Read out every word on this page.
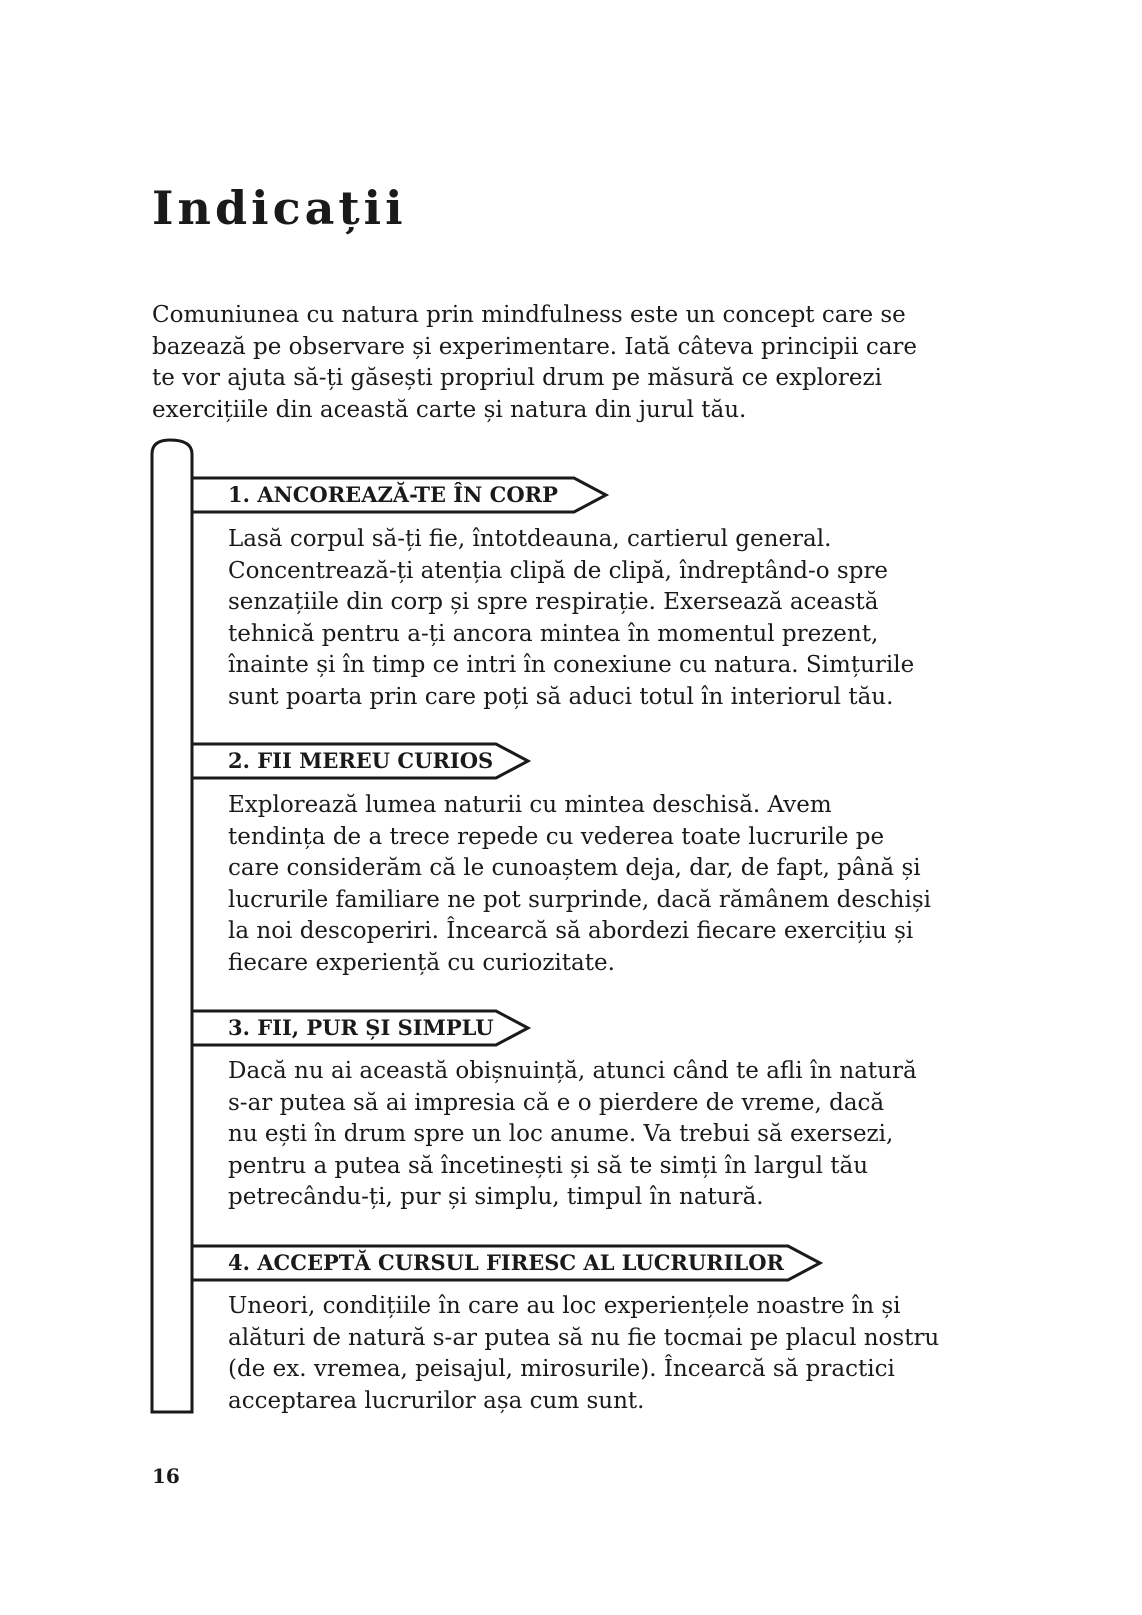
Indicații

Comuniunea cu natura prin mindfulness este un concept care se
bazează pe observare și experimentare. Iată câteva principii care
te vor ajuta să-ți găsești propriul drum pe măsură ce explorezi
exercițiile din această carte și natura din jurul tău.

1. ANCOREAZĂ-TE ÎN CORP

Lasă corpul să-ți fie, întotdeauna, cartierul general.
Concentrează-ți atenția clipă de clipă, îndreptând-o spre
senzațiile din corp și spre respirație. Exersează această
tehnică pentru a-ți ancora mintea în momentul prezent,
înainte și în timp ce intri în conexiune cu natura. Simțurile
sunt poarta prin care poți să aduci totul în interiorul tău.

2. FII MEREU CURIOS

Explorează lumea naturii cu mintea deschisă. Avem
tendința de a trece repede cu vederea toate lucrurile pe
care considerăm că le cunoaștem deja, dar, de fapt, până și
lucrurile familiare ne pot surprinde, dacă rămânem deschiși
la noi descoperiri. Încearcă să abordezi fiecare exercițiu și
fiecare experiență cu curiozitate.

3. FII, PUR ȘI SIMPLU

Dacă nu ai această obișnuință, atunci când te afli în natură
s-ar putea să ai impresia că e o pierdere de vreme, dacă
nu ești în drum spre un loc anume. Va trebui să exersezi,
pentru a putea să încetinești și să te simți în largul tău
petrecându-ți, pur și simplu, timpul în natură.

4. ACCEPTĂ CURSUL FIRESC AL LUCRURILOR

Uneori, condițiile în care au loc experiențele noastre în și
alături de natură s-ar putea să nu fie tocmai pe placul nostru
(de ex. vremea, peisajul, mirosurile). Încearcă să practici
acceptarea lucrurilor așa cum sunt.

16
